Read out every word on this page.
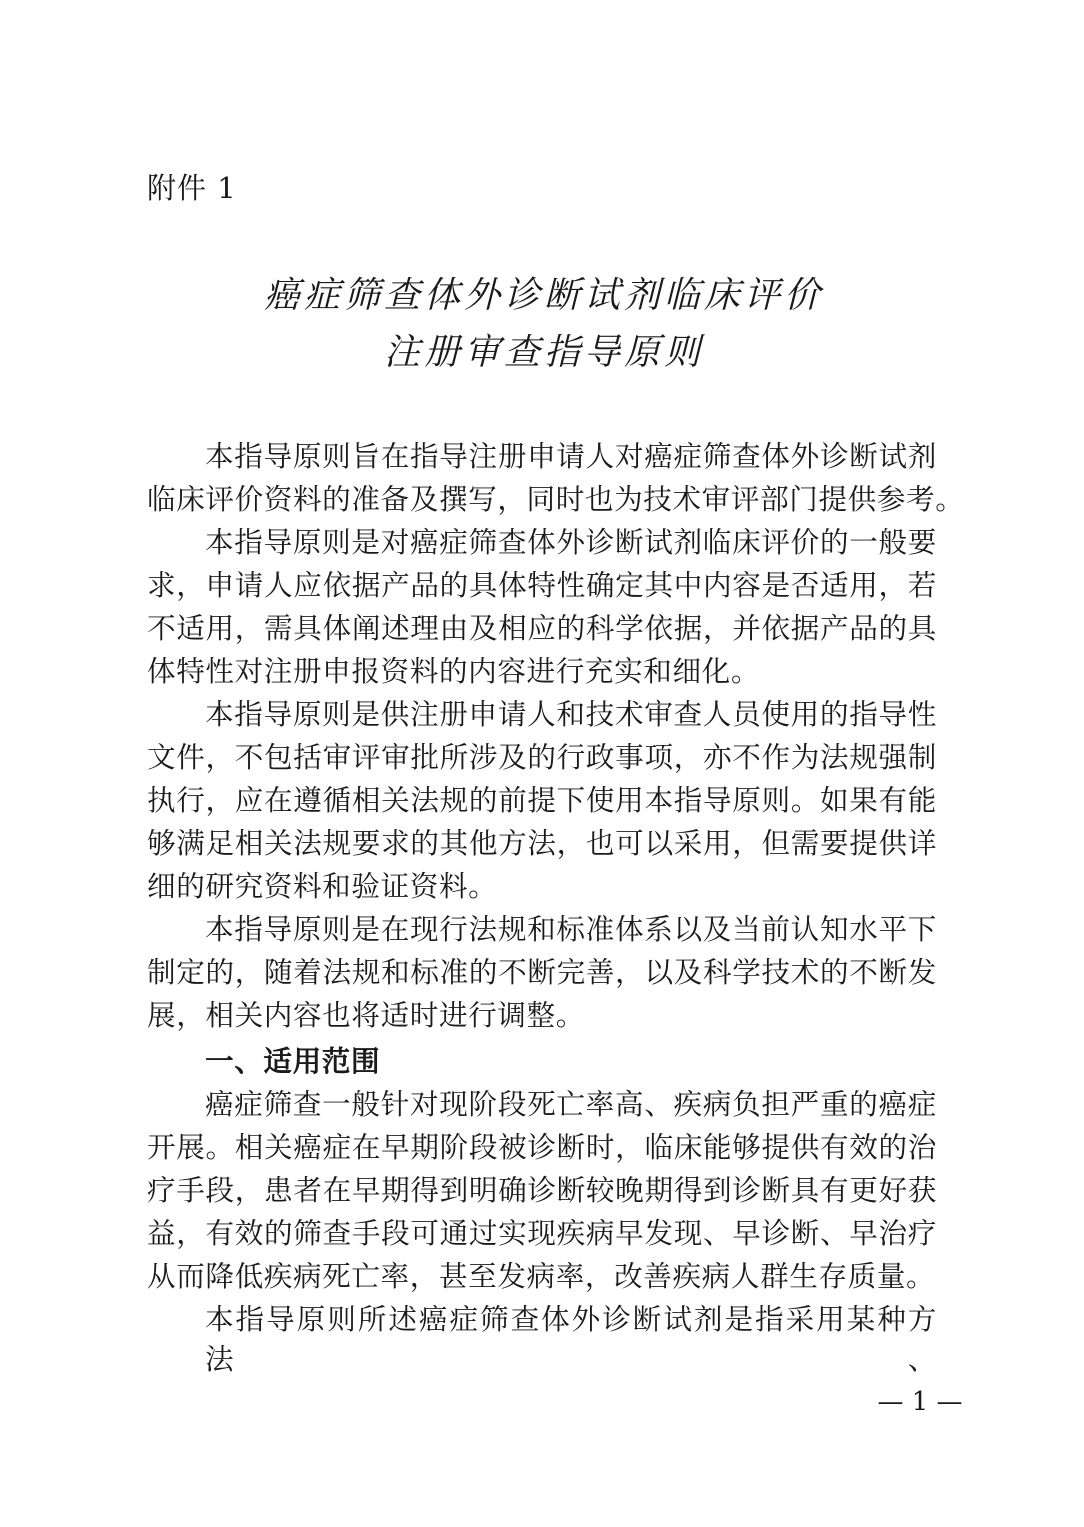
附件 1
癌症筛查体外诊断试剂临床评价
注册审查指导原则
本指导原则旨在指导注册申请人对癌症筛查体外诊断试剂
临床评价资料的准备及撰写，同时也为技术审评部门提供参考。
本指导原则是对癌症筛查体外诊断试剂临床评价的一般要
求，申请人应依据产品的具体特性确定其中内容是否适用，若
不适用，需具体阐述理由及相应的科学依据，并依据产品的具
体特性对注册申报资料的内容进行充实和细化。
本指导原则是供注册申请人和技术审查人员使用的指导性
文件，不包括审评审批所涉及的行政事项，亦不作为法规强制
执行，应在遵循相关法规的前提下使用本指导原则。如果有能
够满足相关法规要求的其他方法，也可以采用，但需要提供详
细的研究资料和验证资料。
本指导原则是在现行法规和标准体系以及当前认知水平下
制定的，随着法规和标准的不断完善，以及科学技术的不断发
展，相关内容也将适时进行调整。
一、适用范围
癌症筛查一般针对现阶段死亡率高、疾病负担严重的癌症
开展。相关癌症在早期阶段被诊断时，临床能够提供有效的治
疗手段，患者在早期得到明确诊断较晚期得到诊断具有更好获
益，有效的筛查手段可通过实现疾病早发现、早诊断、早治疗
从而降低疾病死亡率，甚至发病率，改善疾病人群生存质量。
本指导原则所述癌症筛查体外诊断试剂是指采用某种方法、
— 1 —
